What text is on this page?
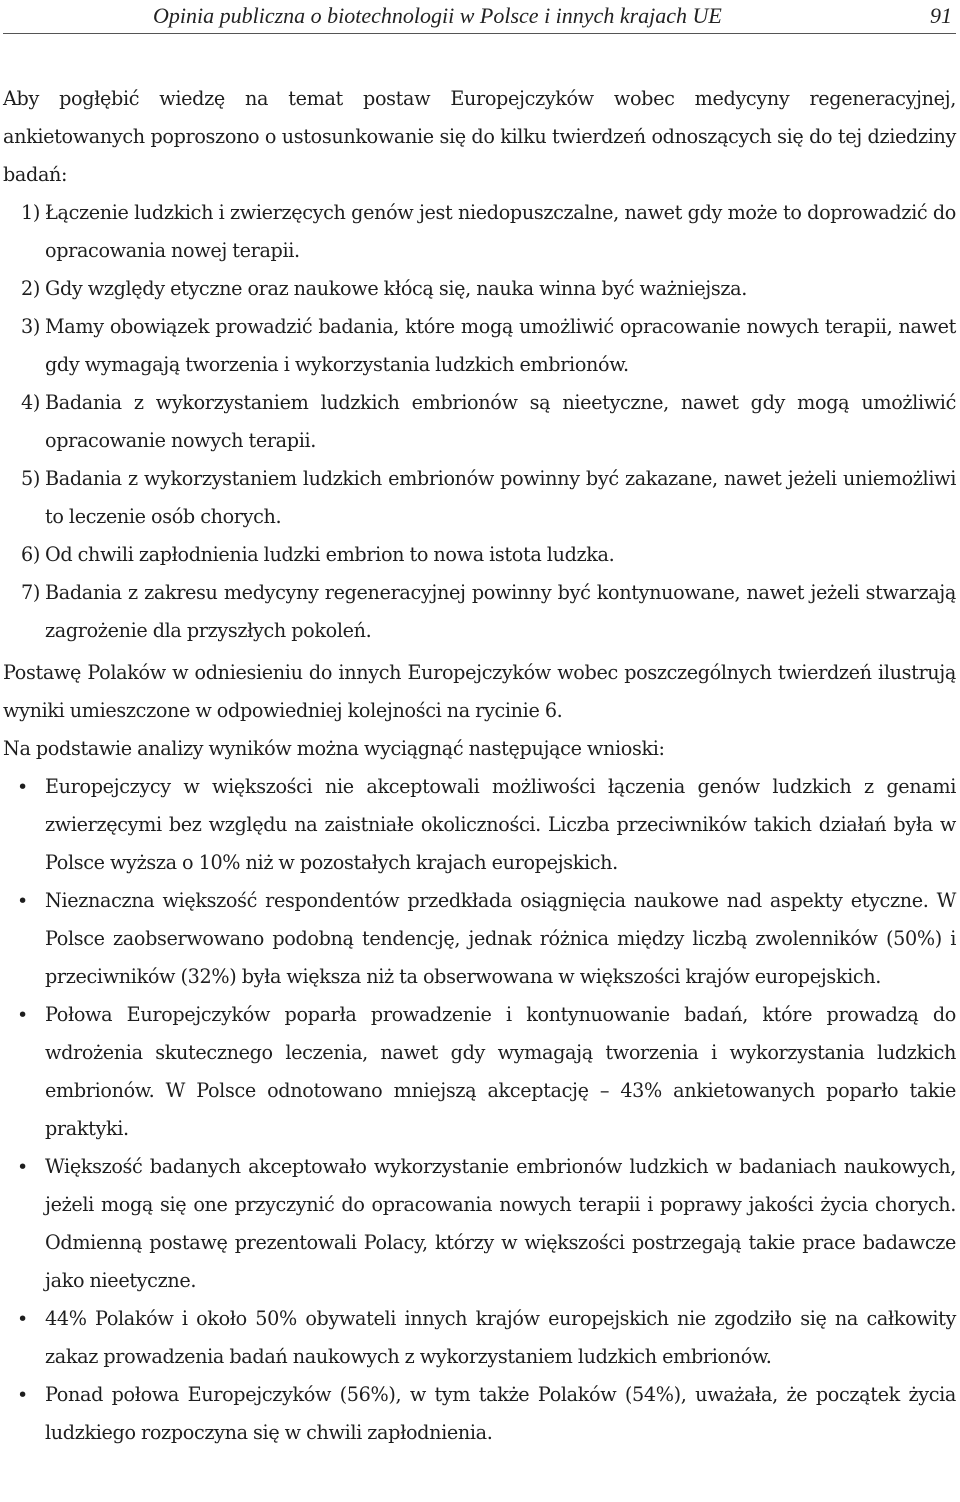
Opinia publiczna o biotechnologii w Polsce i innych krajach UE	91

Aby pogłębić wiedzę na temat postaw Europejczyków wobec medycyny regeneracyjnej, ankietowanych poproszono o ustosunkowanie się do kilku twierdzeń odnoszących się do tej dziedziny badań:

1) Łączenie ludzkich i zwierzęcych genów jest niedopuszczalne, nawet gdy może to doprowadzić do opracowania nowej terapii.
2) Gdy względy etyczne oraz naukowe kłócą się, nauka winna być ważniejsza.
3) Mamy obowiązek prowadzić badania, które mogą umożliwić opracowanie nowych terapii, nawet gdy wymagają tworzenia i wykorzystania ludzkich embrionów.
4) Badania z wykorzystaniem ludzkich embrionów są nieetyczne, nawet gdy mogą umożliwić opracowanie nowych terapii.
5) Badania z wykorzystaniem ludzkich embrionów powinny być zakazane, nawet jeżeli uniemożliwi to leczenie osób chorych.
6) Od chwili zapłodnienia ludzki embrion to nowa istota ludzka.
7) Badania z zakresu medycyny regeneracyjnej powinny być kontynuowane, nawet jeżeli stwarzają zagrożenie dla przyszłych pokoleń.

Postawę Polaków w odniesieniu do innych Europejczyków wobec poszczególnych twierdzeń ilustrują wyniki umieszczone w odpowiedniej kolejności na rycinie 6.

Na podstawie analizy wyników można wyciągnąć następujące wnioski:

• Europejczycy w większości nie akceptowali możliwości łączenia genów ludzkich z genami zwierzęcymi bez względu na zaistniałe okoliczności. Liczba przeciwników takich działań była w Polsce wyższa o 10% niż w pozostałych krajach europejskich.
• Nieznaczna większość respondentów przedkłada osiągnięcia naukowe nad aspekty etyczne. W Polsce zaobserwowano podobną tendencję, jednak różnica między liczbą zwolenników (50%) i przeciwników (32%) była większa niż ta obserwowana w większości krajów europejskich.
• Połowa Europejczyków poparła prowadzenie i kontynuowanie badań, które prowadzą do wdrożenia skutecznego leczenia, nawet gdy wymagają tworzenia i wykorzystania ludzkich embrionów. W Polsce odnotowano mniejszą akceptację – 43% ankietowanych poparło takie praktyki.
• Większość badanych akceptowało wykorzystanie embrionów ludzkich w badaniach naukowych, jeżeli mogą się one przyczynić do opracowania nowych terapii i poprawy jakości życia chorych. Odmienną postawę prezentowali Polacy, którzy w większości postrzegają takie prace badawcze jako nieetyczne.
• 44% Polaków i około 50% obywateli innych krajów europejskich nie zgodziło się na całkowity zakaz prowadzenia badań naukowych z wykorzystaniem ludzkich embrionów.
• Ponad połowa Europejczyków (56%), w tym także Polaków (54%), uważała, że początek życia ludzkiego rozpoczyna się w chwili zapłodnienia.
